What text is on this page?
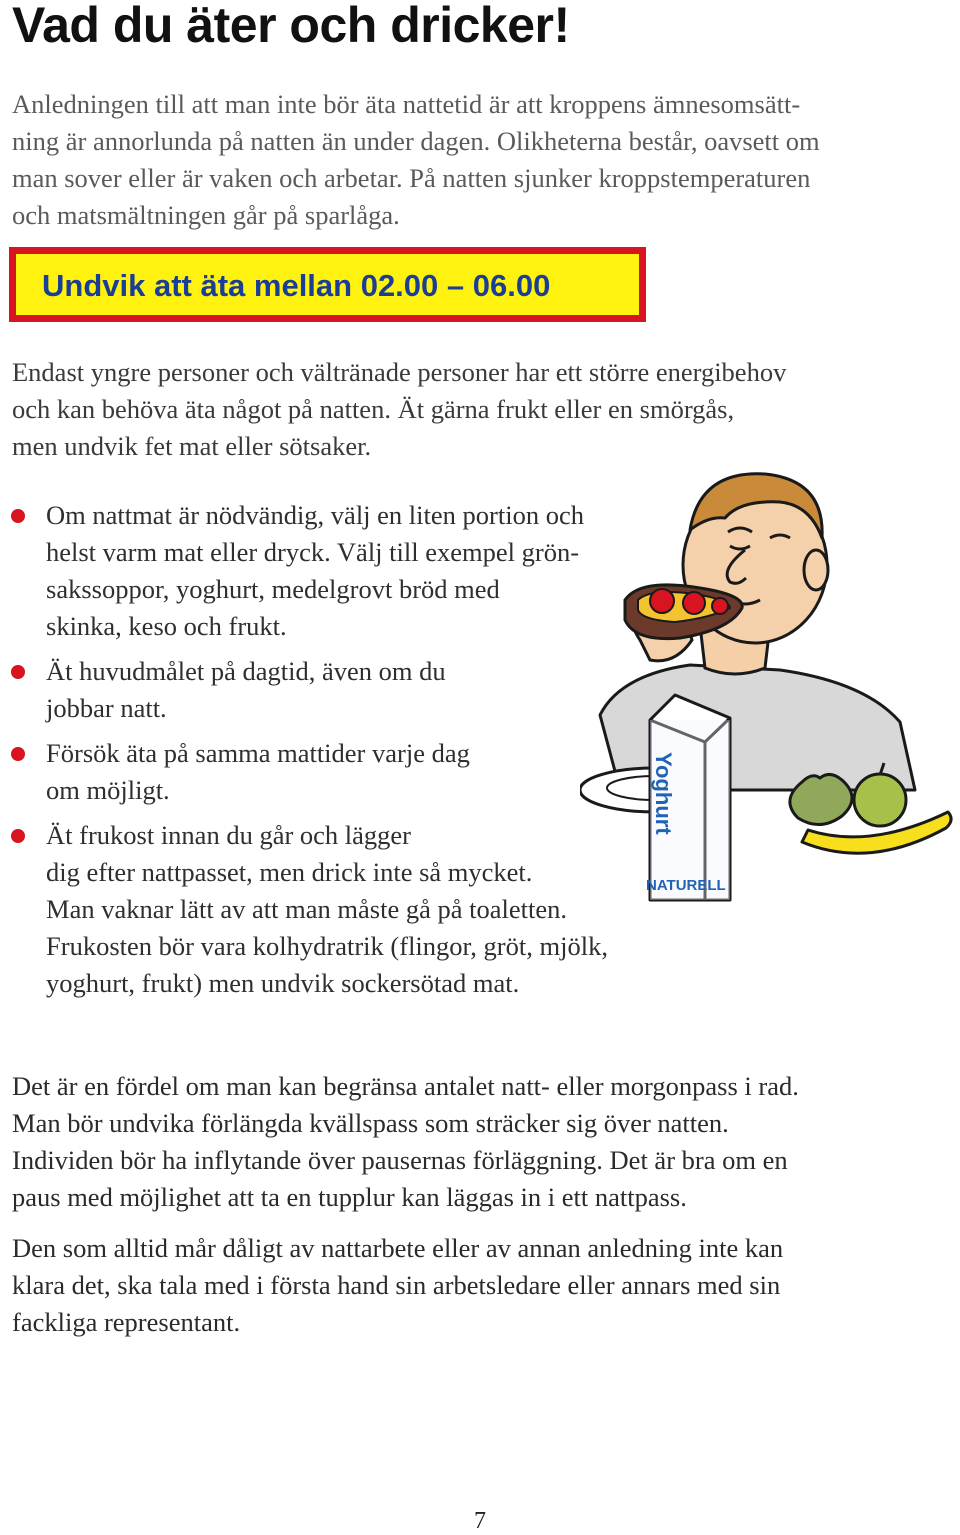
Vad du äter och dricker!

Anledningen till att man inte bör äta nattetid är att kroppens ämnesomsätt-
ning är annorlunda på natten än under dagen. Olikheterna består, oavsett om
man sover eller är vaken och arbetar. På natten sjunker kroppstemperaturen
och matsmältningen går på sparlåga.

Undvik att äta mellan 02.00 – 06.00

Endast yngre personer och vältränade personer har ett större energibehov
och kan behöva äta något på natten. Ät gärna frukt eller en smörgås,
men undvik fet mat eller sötsaker.

Om nattmat är nödvändig, välj en liten portion och
helst varm mat eller dryck. Välj till exempel grön-
sakssoppor, yoghurt, medelgrovt bröd med
skinka, keso och frukt.
Ät huvudmålet på dagtid, även om du
jobbar natt.
Försök äta på samma mattider varje dag
om möjligt.
Ät frukost innan du går och lägger
dig efter nattpasset, men drick inte så mycket.
Man vaknar lätt av att man måste gå på toaletten.
Frukosten bör vara kolhydratrik (flingor, gröt, mjölk,
yoghurt, frukt) men undvik sockersötad mat.
Yoghurt
NATURELL

Det är en fördel om man kan begränsa antalet natt- eller morgonpass i rad.
Man bör undvika förlängda kvällspass som sträcker sig över natten.
Individen bör ha inflytande över pausernas förläggning. Det är bra om en
paus med möjlighet att ta en tupplur kan läggas in i ett nattpass.

Den som alltid mår dåligt av nattarbete eller av annan anledning inte kan
klara det, ska tala med i första hand sin arbetsledare eller annars med sin
fackliga representant.

7
